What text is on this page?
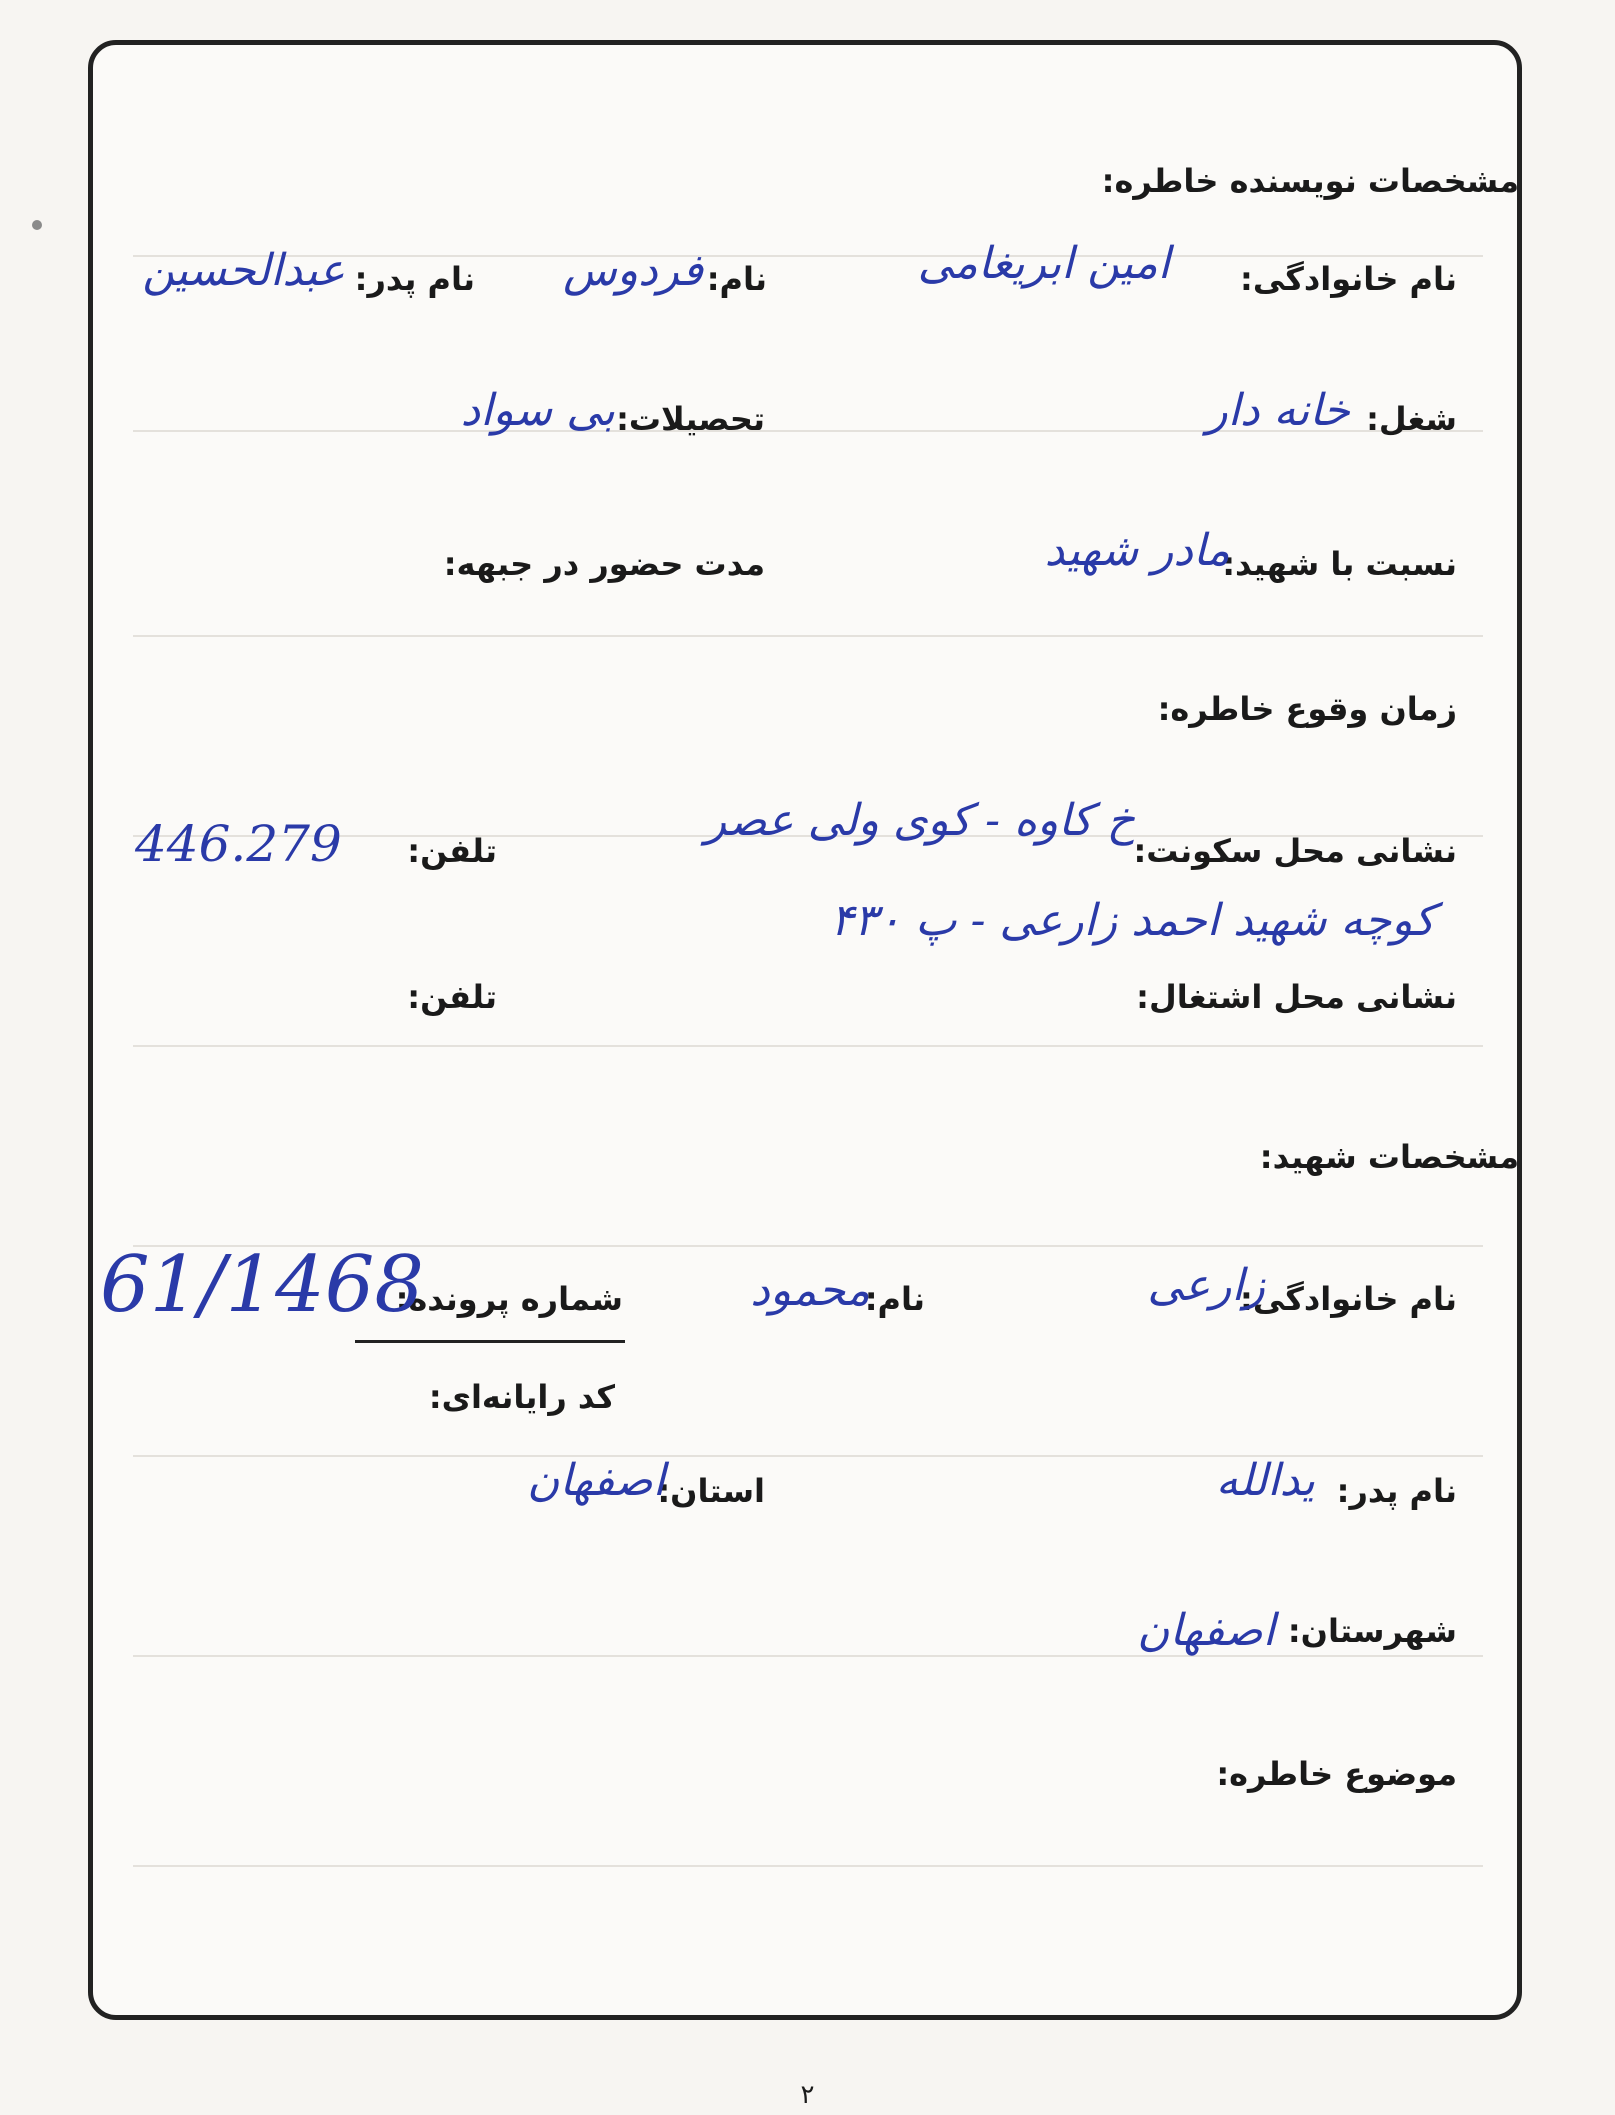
مشخصات نویسنده خاطره:
نام خانوادگی:
امین ابریغامی
نام:
فردوس
نام پدر:
عبدالحسین
شغل:
خانه دار
تحصیلات:
بی سواد
نسبت با شهید:
مادر شهید
مدت حضور در جبهه:
زمان وقوع خاطره:
نشانی محل سکونت:
خ کاوه - کوی ولی عصر
کوچه شهید احمد زارعی - پ ۴۳۰
تلفن:
446.279
نشانی محل اشتغال:
تلفن:
مشخصات شهید:
نام خانوادگی:
زارعی
نام:
محمود
شماره پرونده:
61/1468
کد رایانه‌ای:
نام پدر:
یدالله
استان:
اصفهان
شهرستان:
اصفهان
موضوع خاطره:
۲
